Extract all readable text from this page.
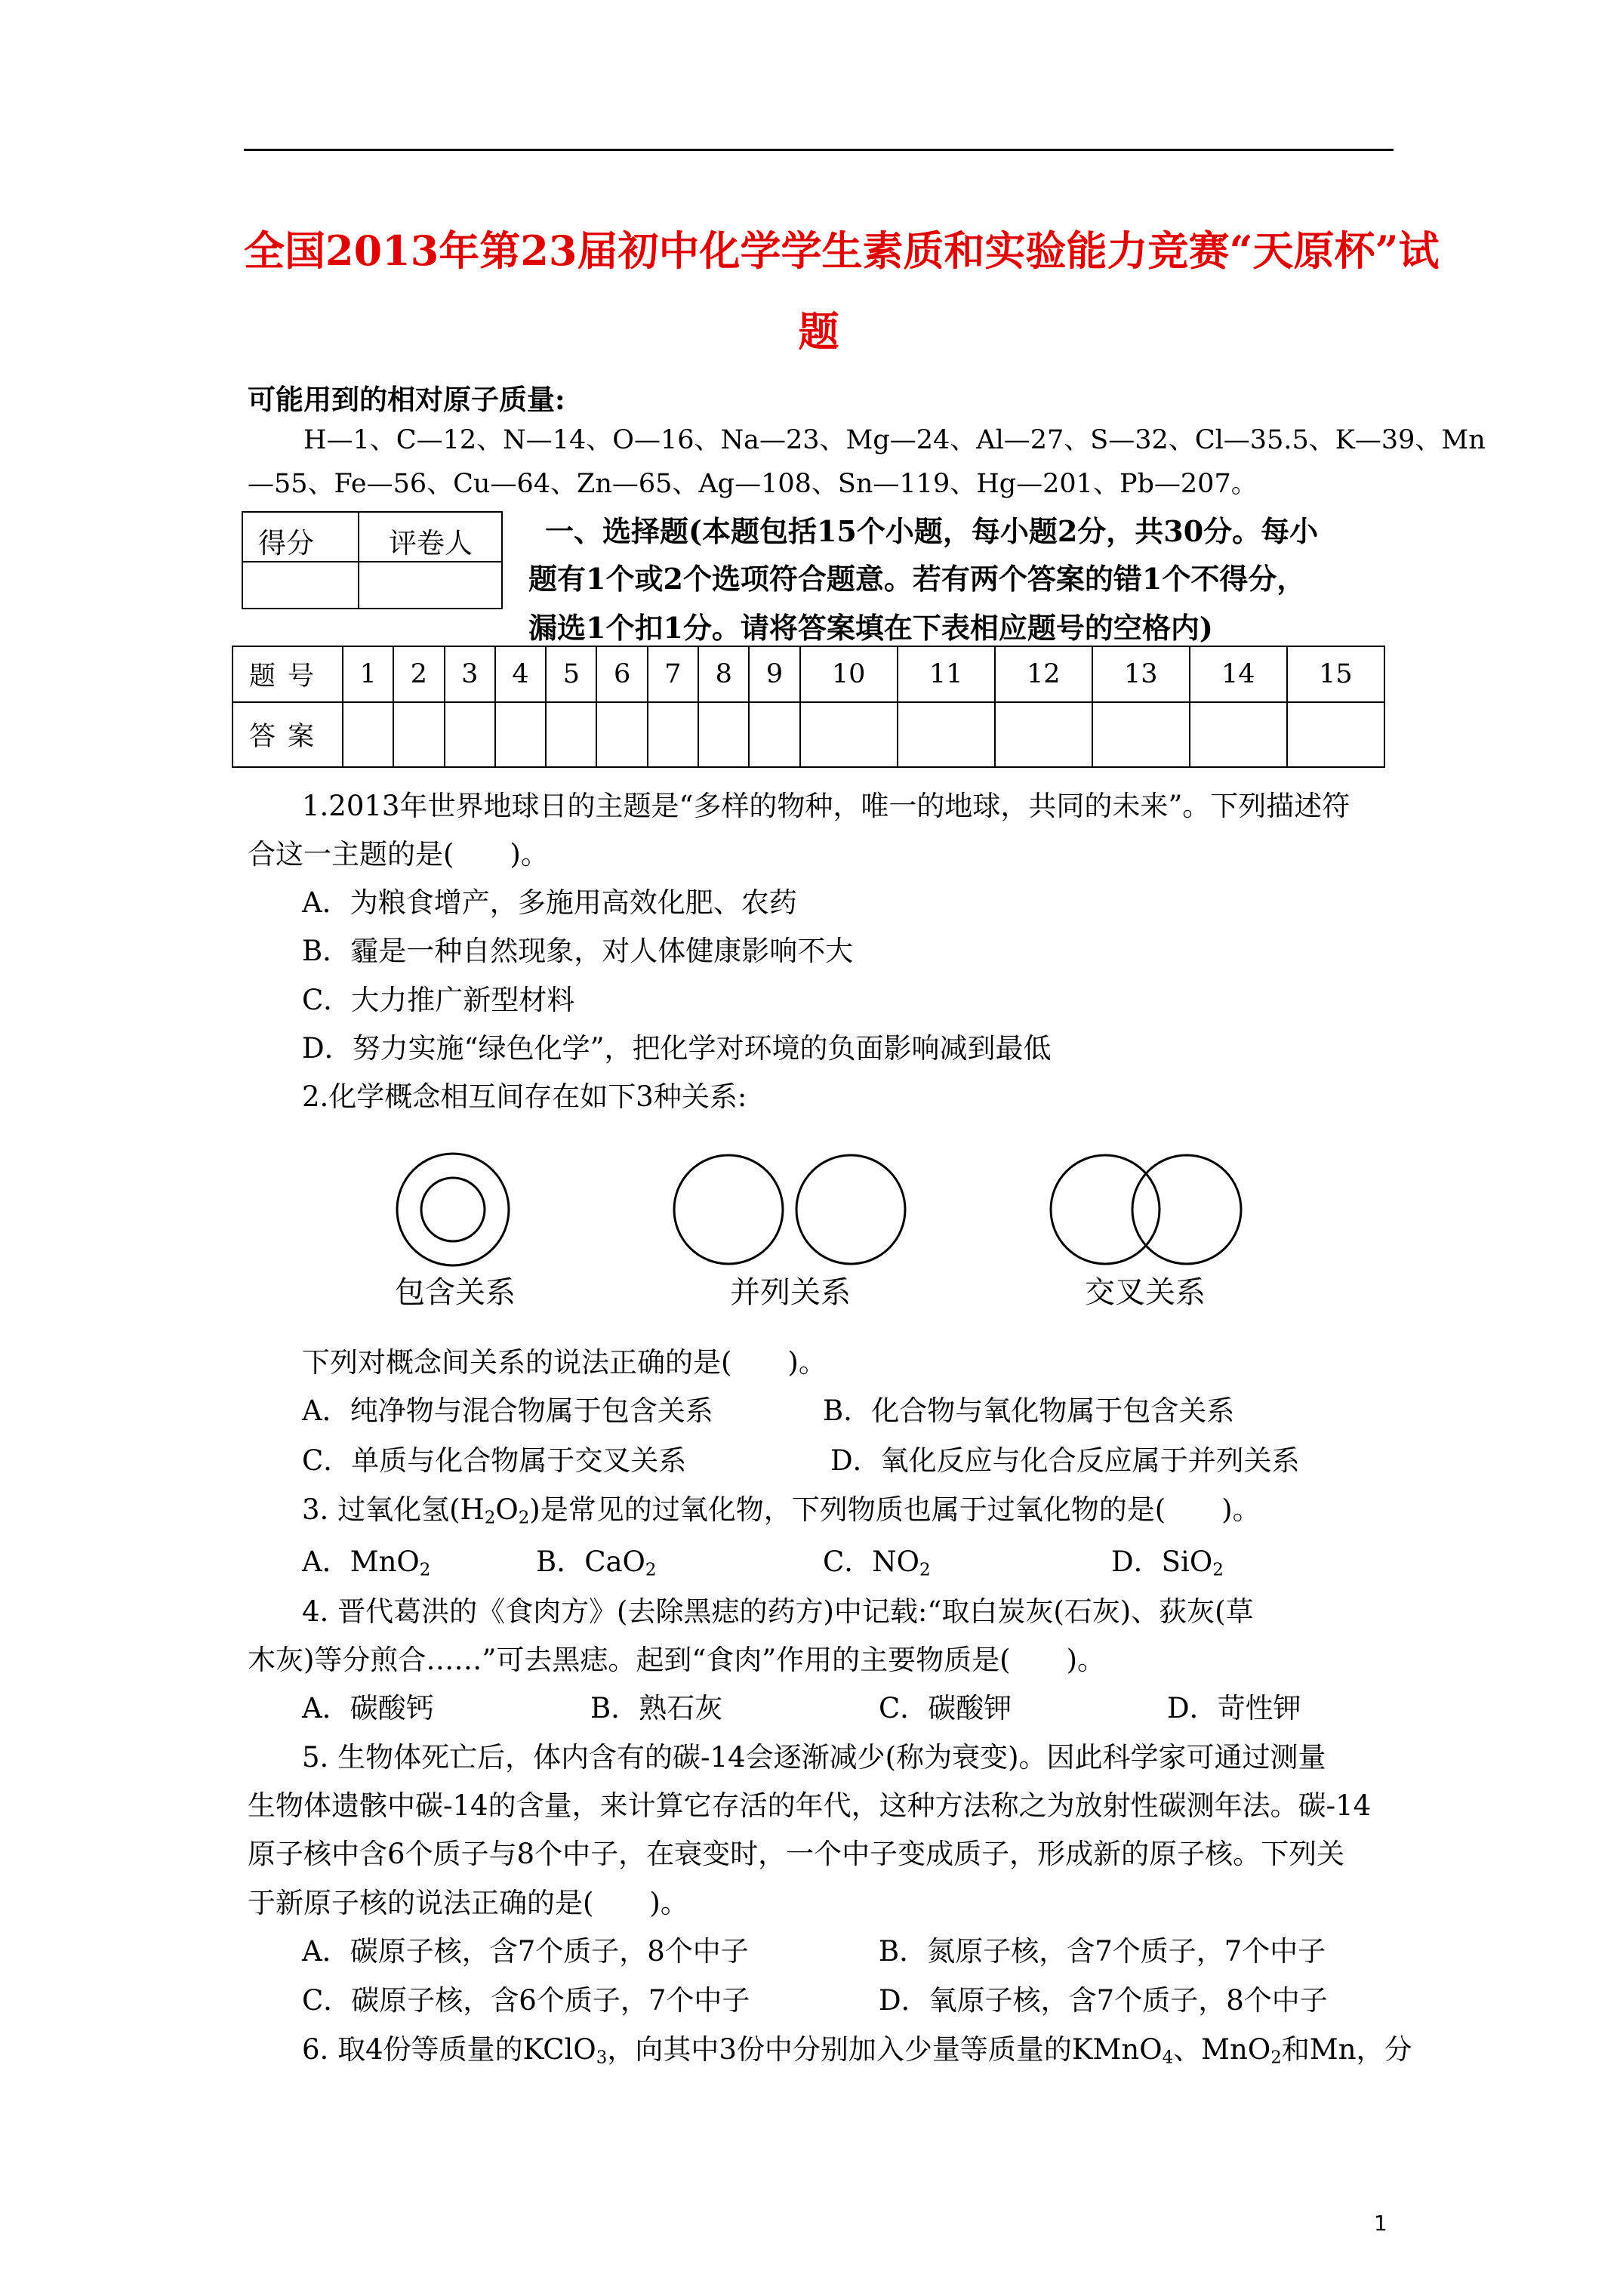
全国2013年第23届初中化学学生素质和实验能力竞赛“天原杯”试
题
可能用到的相对原子质量:
H—1、C—12、N—14、O—16、Na—23、Mg—24、Al—27、S—32、Cl—35.5、K—39、Mn
—55、Fe—56、Cu—64、Zn—65、Ag—108、Sn—119、Hg—201、Pb—207。
得分	评卷人	一、选择题(本题包括15个小题，每小题2分，共30分。每小
题有1个或2个选项符合题意。若有两个答案的错1个不得分，
漏选1个扣1分。请将答案填在下表相应题号的空格内)
题号	1	2	3	4	5	6	7	8	9	10	11	12	13	14	15
答案															
1.2013年世界地球日的主题是“多样的物种，唯一的地球，共同的未来”。下列描述符
合这一主题的是(　　)。
A．为粮食增产，多施用高效化肥、农药
B．霾是一种自然现象，对人体健康影响不大
C．大力推广新型材料
D．努力实施“绿色化学”，把化学对环境的负面影响减到最低
2.化学概念相互间存在如下3种关系:
包含关系	并列关系	交叉关系
下列对概念间关系的说法正确的是(　　)。
A．纯净物与混合物属于包含关系	B．化合物与氧化物属于包含关系
C．单质与化合物属于交叉关系	D．氧化反应与化合反应属于并列关系
3. 过氧化氢$(H_2O_2)$是常见的过氧化物，下列物质也属于过氧化物的是(　　)。
A．MnO$_2$	B．CaO$_2$	C．$NO_2$	D．SiO$_2$
4. 晋代葛洪的《食肉方》(去除黑痣的药方)中记载:“取白炭灰(石灰)、荻灰(草
木灰)等分煎合……”可去黑痣。起到“食肉”作用的主要物质是(　　)。
A．碳酸钙	B．熟石灰	C．碳酸钾	D．苛性钾
5. 生物体死亡后，体内含有的碳-14会逐渐减少(称为衰变)。因此科学家可通过测量
生物体遗骸中碳-14的含量，来计算它存活的年代，这种方法称之为放射性碳测年法。碳-14
原子核中含6个质子与8个中子，在衰变时，一个中子变成质子，形成新的原子核。下列关
于新原子核的说法正确的是(　　)。
A．碳原子核，含7个质子，8个中子	B．氮原子核，含7个质子，7个中子
C．碳原子核，含6个质子，7个中子	D．氧原子核，含7个质子，8个中子
6. 取4份等质量的KClO$_3$，向其中3份中分别加入少量等质量的KMnO$_4$、MnO$_2$和Mn，分
1
